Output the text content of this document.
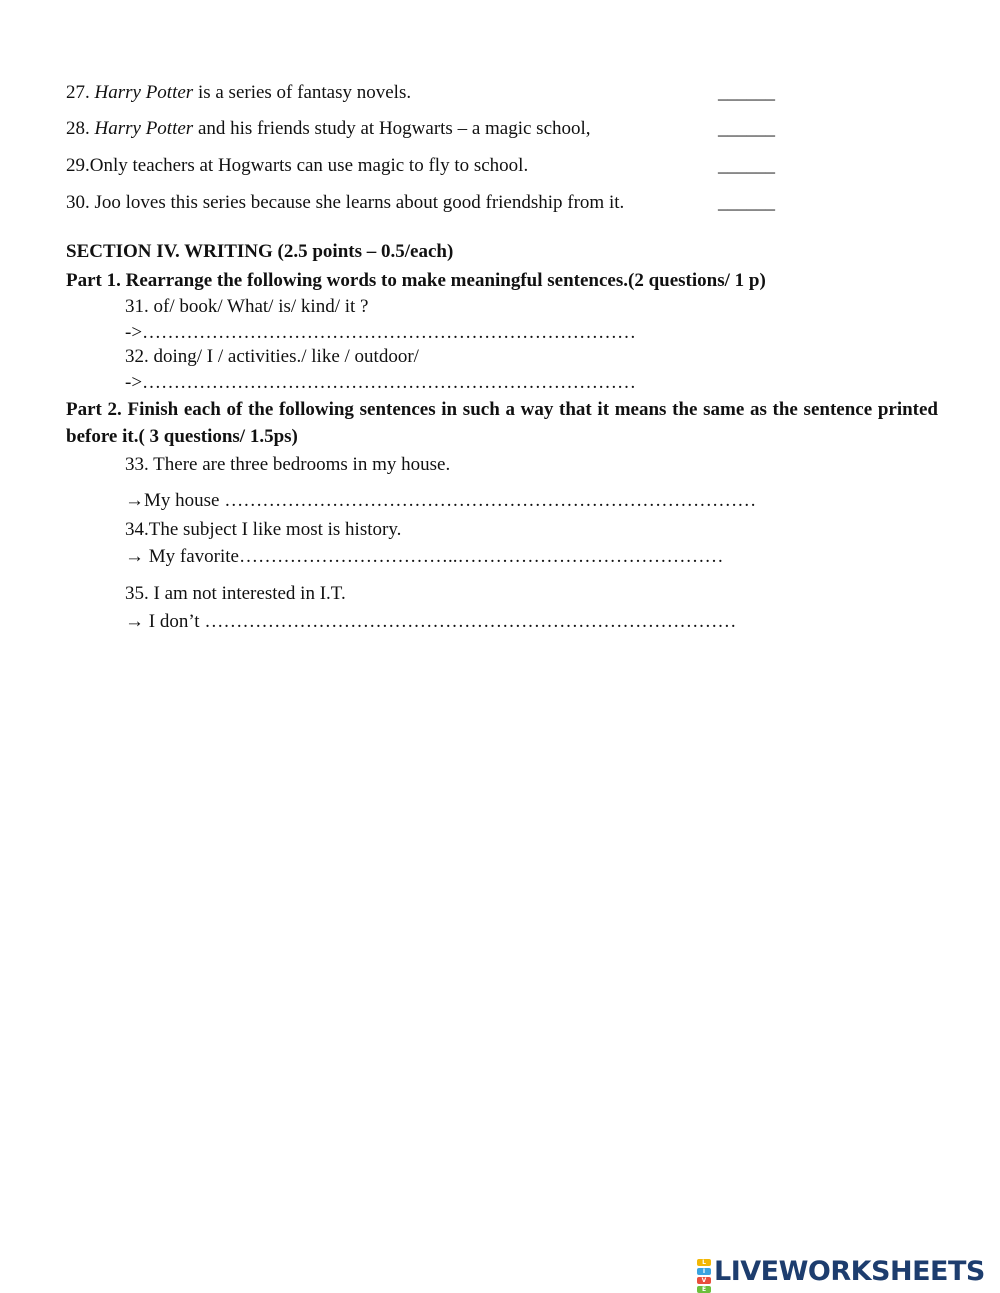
27. Harry Potter is a series of fantasy novels.	______
28. Harry Potter and his friends study at Hogwarts – a magic school,	______
29.Only teachers at Hogwarts can use magic to fly to school.	______
30. Joo loves this series because she learns about good friendship from it.	______
SECTION IV. WRITING (2.5 points – 0.5/each)
Part 1. Rearrange the following words to make meaningful sentences.(2 questions/ 1 p)
31. of/ book/ What/ is/ kind/ it ?
->……………………………………………………………………
32. doing/ I / activities./ like / outdoor/
->……………………………………………………………………
Part 2. Finish each of the following sentences in such a way that it means the same as the sentence printed before it.( 3 questions/ 1.5ps)
33. There are three bedrooms in my house.
→My house …………………………………………………………………………
34.The subject I like most is history.
→ My favorite……………………………..……………………………………
35. I am not interested in I.T.
→ I don’t …………………………………………………………………………
L
I
V
E
LIVEWORKSHEETS
